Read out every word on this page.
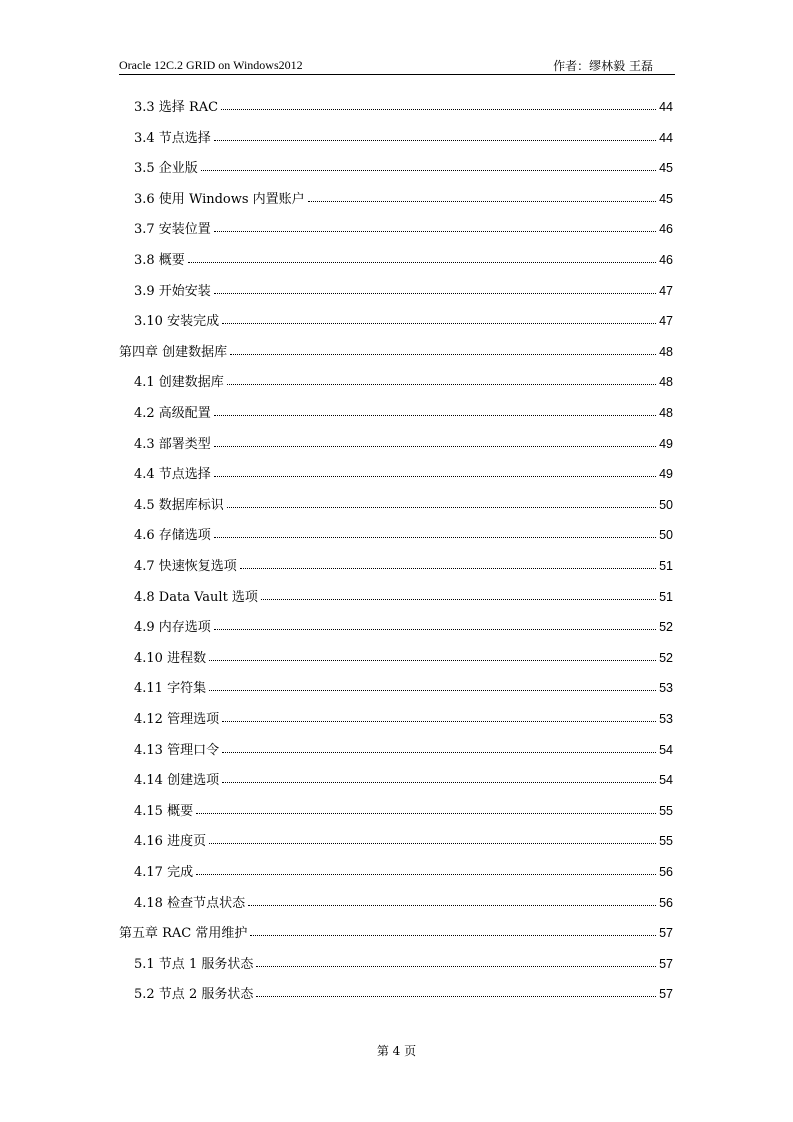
Oracle 12C.2 GRID on Windows2012	作者：缪林毅 王磊
3.3 选择 RAC	44
3.4 节点选择	44
3.5 企业版	45
3.6 使用 Windows 内置账户	45
3.7 安装位置	46
3.8 概要	46
3.9 开始安装	47
3.10 安装完成	47
第四章 创建数据库	48
4.1 创建数据库	48
4.2 高级配置	48
4.3 部署类型	49
4.4 节点选择	49
4.5 数据库标识	50
4.6 存储选项	50
4.7 快速恢复选项	51
4.8 Data Vault 选项	51
4.9 内存选项	52
4.10 进程数	52
4.11 字符集	53
4.12 管理选项	53
4.13 管理口令	54
4.14 创建选项	54
4.15 概要	55
4.16 进度页	55
4.17 完成	56
4.18 检查节点状态	56
第五章 RAC 常用维护	57
5.1 节点 1 服务状态	57
5.2 节点 2 服务状态	57
第 4 页
